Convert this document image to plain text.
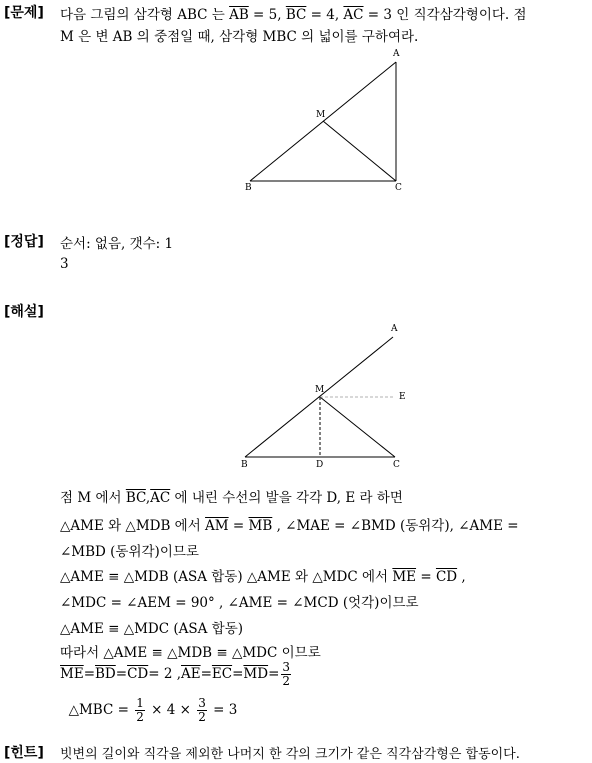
[문제] 다음 그림의 삼각형 ABC 는 $\overline{AB} = 5$, $\overline{BC} = 4$, $\overline{AC} = 3$ 인 직각삼각형이다. 점
M 은 변 AB 의 중점일 때, 삼각형 MBC 의 넓이를 구하여라.
A
M
B	C
[정답] 순서: 없음, 갯수: 1
3
[해설]
A
M
E
B	D	C
점 M 에서 $\overline{BC},\overline{AC}$ 에 내린 수선의 발을 각각 D, E 라 하면
△AME 와 △MDB 에서 $\overline{AM} = \overline{MB}$ , ∠MAE = ∠BMD (동위각), ∠AME =
∠MBD (동위각)이므로
△AME ≡ △MDB (ASA 합동) △AME 와 △MDC 에서 $\overline{ME} = \overline{CD}$ ,
∠MDC = ∠AEM = 90° , ∠AME = ∠MCD (엇각)이므로
△AME ≡ △MDC (ASA 합동)
따라서 △AME ≡ △MDB ≡ △MDC 이므로
$\overline{ME} = \overline{BD} = \overline{CD} = 2$ , $\overline{AE} = \overline{EC} = \overline{MD} = \frac{3}{2}$
△MBC = $\frac{1}{2} \times 4 \times \frac{3}{2} = 3$
[힌트] 빗변의 길이와 직각을 제외한 나머지 한 각의 크기가 같은 직각삼각형은 합동이다.
